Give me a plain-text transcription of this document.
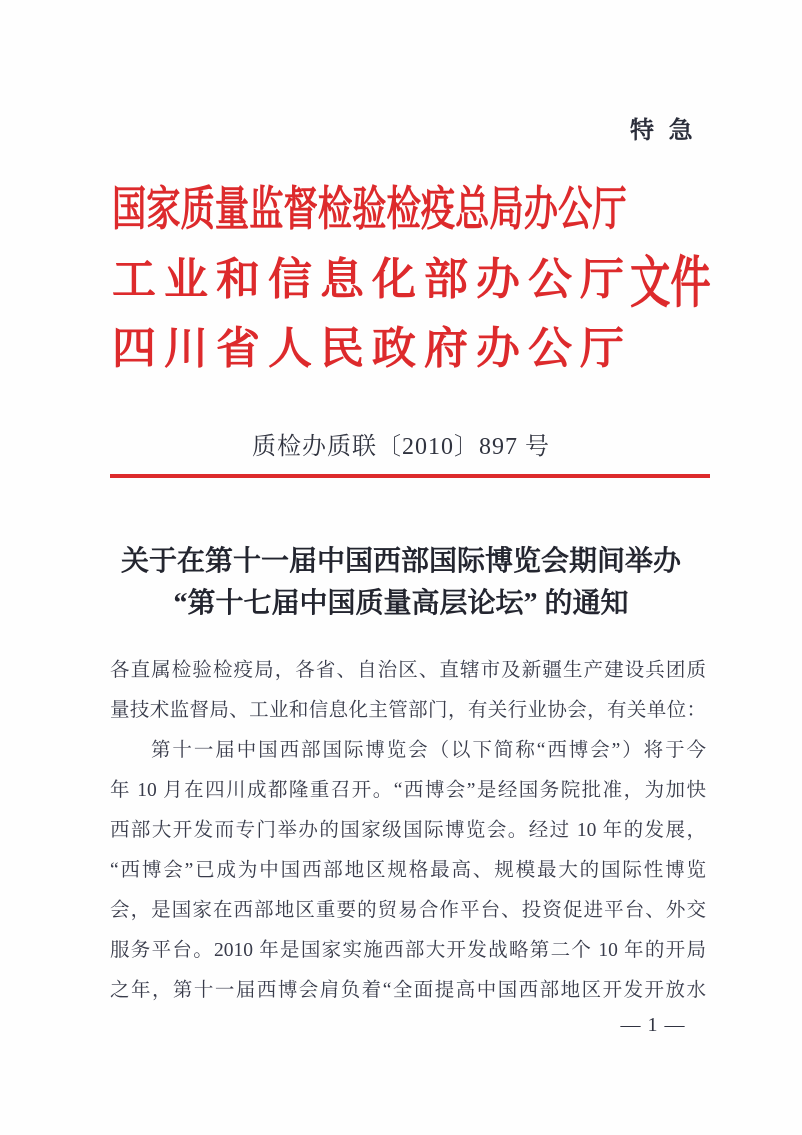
特 急
国家质量监督检验检疫总局办公厅
工业和信息化部办公厅
四川省人民政府办公厅
文件
质检办质联〔2010〕897 号
关于在第十一届中国西部国际博览会期间举办
“第十七届中国质量高层论坛” 的通知
各直属检验检疫局，各省、自治区、直辖市及新疆生产建设兵团质
量技术监督局、工业和信息化主管部门，有关行业协会，有关单位：
第十一届中国西部国际博览会（以下简称“西博会”）将于今
年 10 月在四川成都隆重召开。“西博会”是经国务院批准，为加快
西部大开发而专门举办的国家级国际博览会。经过 10 年的发展，
“西博会”已成为中国西部地区规格最高、规模最大的国际性博览
会，是国家在西部地区重要的贸易合作平台、投资促进平台、外交
服务平台。2010 年是国家实施西部大开发战略第二个 10 年的开局
之年，第十一届西博会肩负着“全面提高中国西部地区开发开放水
— 1 —
